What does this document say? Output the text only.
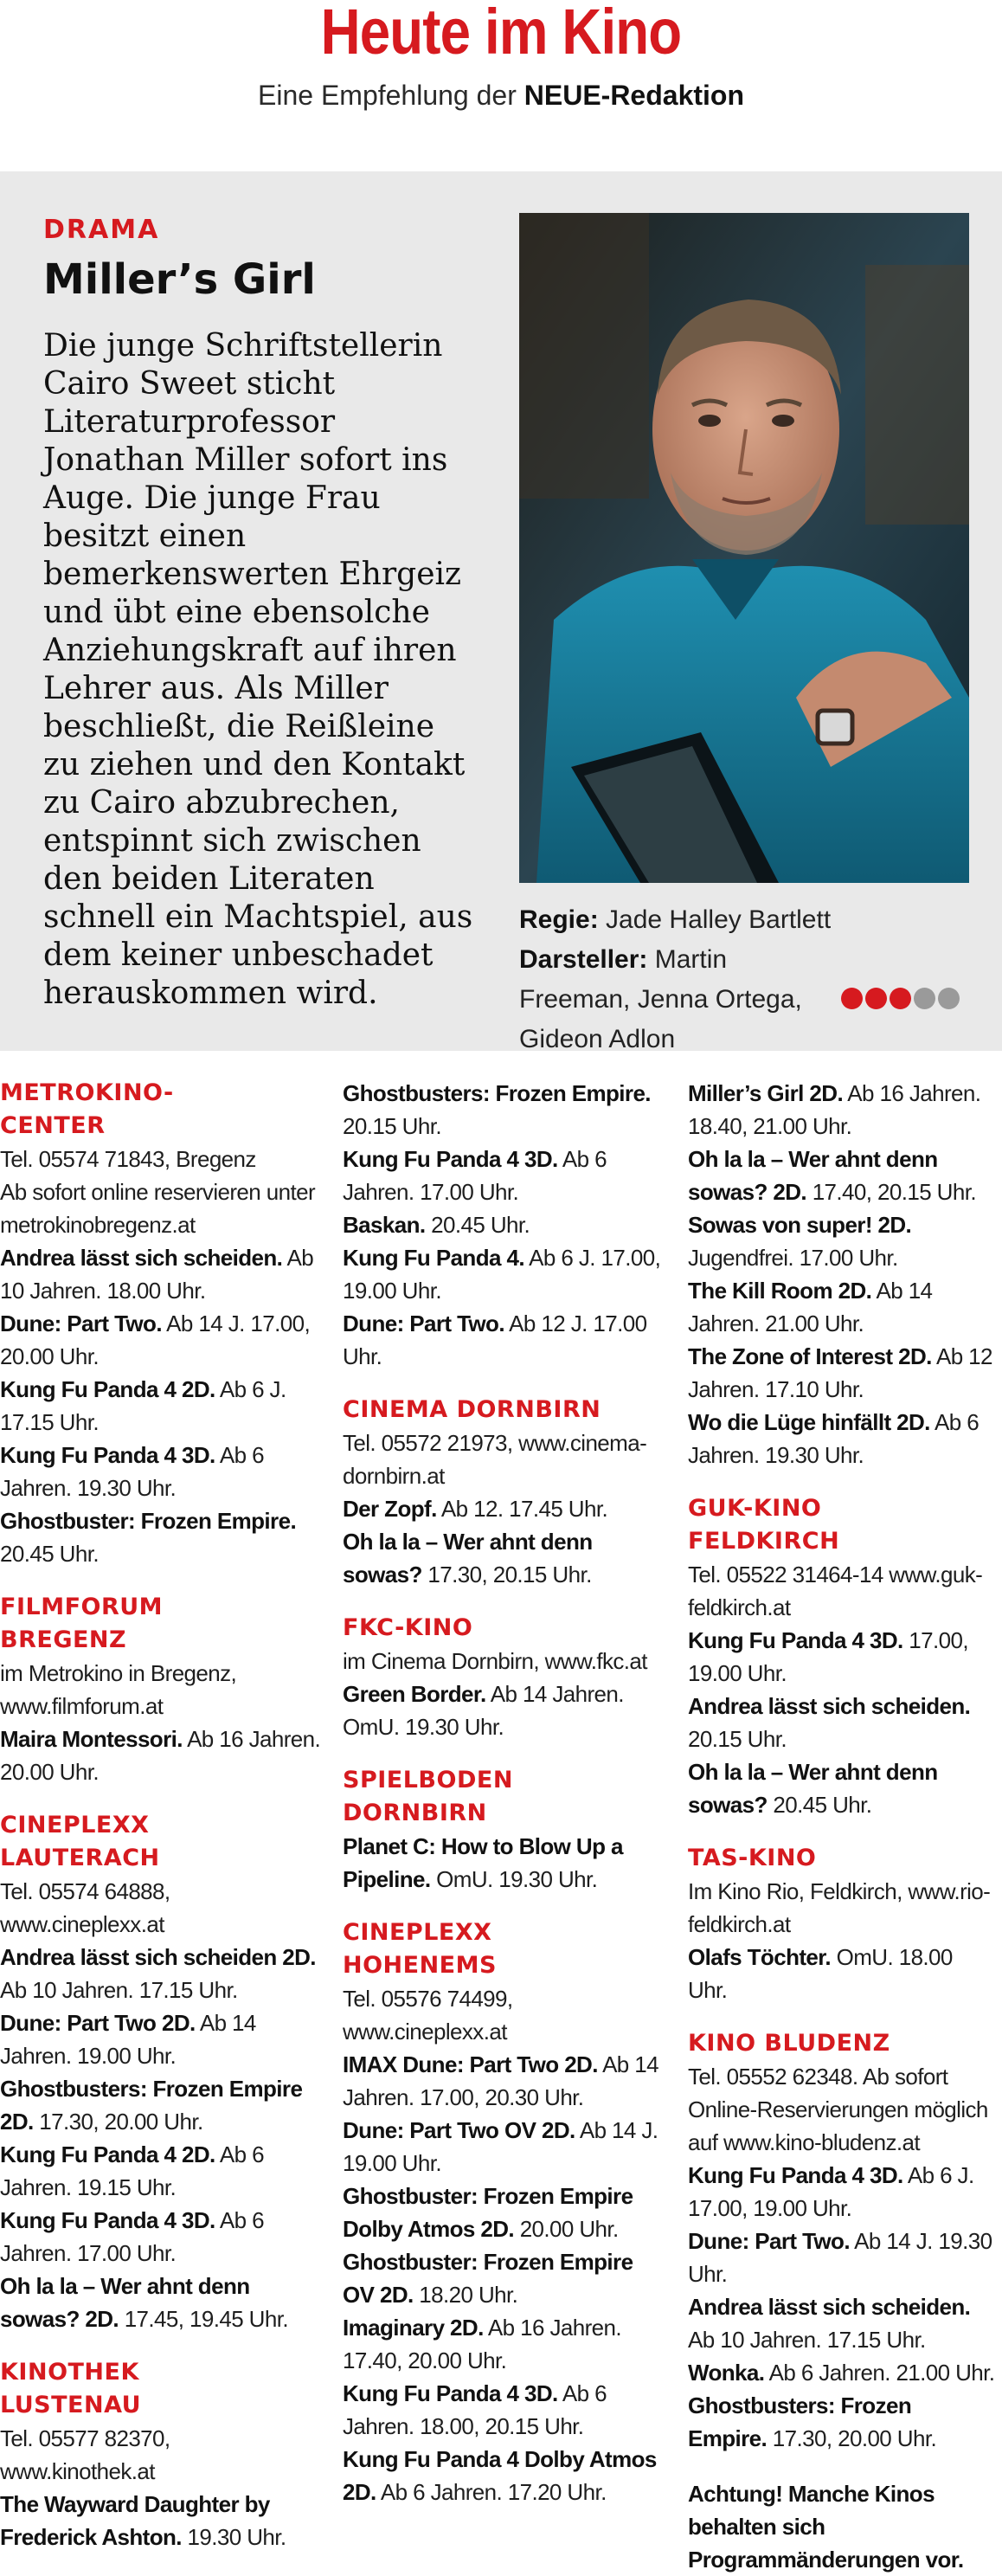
Heute im Kino
Eine Empfehlung der NEUE-Redaktion
DRAMA
Miller’s Girl
Die junge Schriftstellerin Cairo Sweet sticht Literaturprofessor Jonathan Miller sofort ins Auge. Die junge Frau besitzt einen bemerkenswerten Ehrgeiz und übt eine ebensolche Anziehungskraft auf ihren Lehrer aus. Als Miller beschließt, die Reißleine zu ziehen und den Kontakt zu Cairo abzubrechen, entspinnt sich zwischen den beiden Literaten schnell ein Machtspiel, aus dem keiner unbeschadet herauskommen wird.
Regie: Jade Halley Bartlett
Darsteller: Martin Freeman, Jenna Ortega, Gideon Adlon
METROKINO-
CENTER
Tel. 05574 71843, Bregenz
Ab sofort online reservieren unter metrokinobregenz.at
Andrea lässt sich scheiden. Ab 10 Jahren. 18.00 Uhr.
Dune: Part Two. Ab 14 J. 17.00, 20.00 Uhr.
Kung Fu Panda 4 2D. Ab 6 J. 17.15 Uhr.
Kung Fu Panda 4 3D. Ab 6 Jahren. 19.30 Uhr.
Ghostbuster: Frozen Empire. 20.45 Uhr.
FILMFORUM
BREGENZ
im Metrokino in Bregenz, www.filmforum.at
Maira Montessori. Ab 16 Jahren. 20.00 Uhr.
CINEPLEXX
LAUTERACH
Tel. 05574 64888, www.cineplexx.at
Andrea lässt sich scheiden 2D. Ab 10 Jahren. 17.15 Uhr.
Dune: Part Two 2D. Ab 14 Jahren. 19.00 Uhr.
Ghostbusters: Frozen Empire 2D. 17.30, 20.00 Uhr.
Kung Fu Panda 4 2D. Ab 6 Jahren. 19.15 Uhr.
Kung Fu Panda 4 3D. Ab 6 Jahren. 17.00 Uhr.
Oh la la – Wer ahnt denn sowas? 2D. 17.45, 19.45 Uhr.
KINOTHEK
LUSTENAU
Tel. 05577 82370, www.kinothek.at
The Wayward Daughter by Frederick Ashton. 19.30 Uhr.
Ghostbusters: Frozen Empire. 20.15 Uhr.
Kung Fu Panda 4 3D. Ab 6 Jahren. 17.00 Uhr.
Baskan. 20.45 Uhr.
Kung Fu Panda 4. Ab 6 J. 17.00, 19.00 Uhr.
Dune: Part Two. Ab 12 J. 17.00 Uhr.
CINEMA DORNBIRN
Tel. 05572 21973, www.cinema-dornbirn.at
Der Zopf. Ab 12. 17.45 Uhr.
Oh la la – Wer ahnt denn sowas? 17.30, 20.15 Uhr.
FKC-KINO
im Cinema Dornbirn, www.fkc.at
Green Border. Ab 14 Jahren. OmU. 19.30 Uhr.
SPIELBODEN
DORNBIRN
Planet C: How to Blow Up a Pipeline. OmU. 19.30 Uhr.
CINEPLEXX
HOHENEMS
Tel. 05576 74499, www.cineplexx.at
IMAX Dune: Part Two 2D. Ab 14 Jahren. 17.00, 20.30 Uhr.
Dune: Part Two OV 2D. Ab 14 J. 19.00 Uhr.
Ghostbuster: Frozen Empire Dolby Atmos 2D. 20.00 Uhr.
Ghostbuster: Frozen Empire OV 2D. 18.20 Uhr.
Imaginary 2D. Ab 16 Jahren. 17.40, 20.00 Uhr.
Kung Fu Panda 4 3D. Ab 6 Jahren. 18.00, 20.15 Uhr.
Kung Fu Panda 4 Dolby Atmos 2D. Ab 6 Jahren. 17.20 Uhr.
Miller’s Girl 2D. Ab 16 Jahren. 18.40, 21.00 Uhr.
Oh la la – Wer ahnt denn sowas? 2D. 17.40, 20.15 Uhr.
Sowas von super! 2D. Jugendfrei. 17.00 Uhr.
The Kill Room 2D. Ab 14 Jahren. 21.00 Uhr.
The Zone of Interest 2D. Ab 12 Jahren. 17.10 Uhr.
Wo die Lüge hinfällt 2D. Ab 6 Jahren. 19.30 Uhr.
GUK-KINO
FELDKIRCH
Tel. 05522 31464-14 www.guk-feldkirch.at
Kung Fu Panda 4 3D. 17.00, 19.00 Uhr.
Andrea lässt sich scheiden. 20.15 Uhr.
Oh la la – Wer ahnt denn sowas? 20.45 Uhr.
TAS-KINO
Im Kino Rio, Feldkirch, www.rio-feldkirch.at
Olafs Töchter. OmU. 18.00 Uhr.
KINO BLUDENZ
Tel. 05552 62348. Ab sofort Online-Reservierungen möglich auf www.kino-bludenz.at
Kung Fu Panda 4 3D. Ab 6 J. 17.00, 19.00 Uhr.
Dune: Part Two. Ab 14 J. 19.30 Uhr.
Andrea lässt sich scheiden. Ab 10 Jahren. 17.15 Uhr.
Wonka. Ab 6 Jahren. 21.00 Uhr.
Ghostbusters: Frozen Empire. 17.30, 20.00 Uhr.
Achtung! Manche Kinos behalten sich Programmänderungen vor.
